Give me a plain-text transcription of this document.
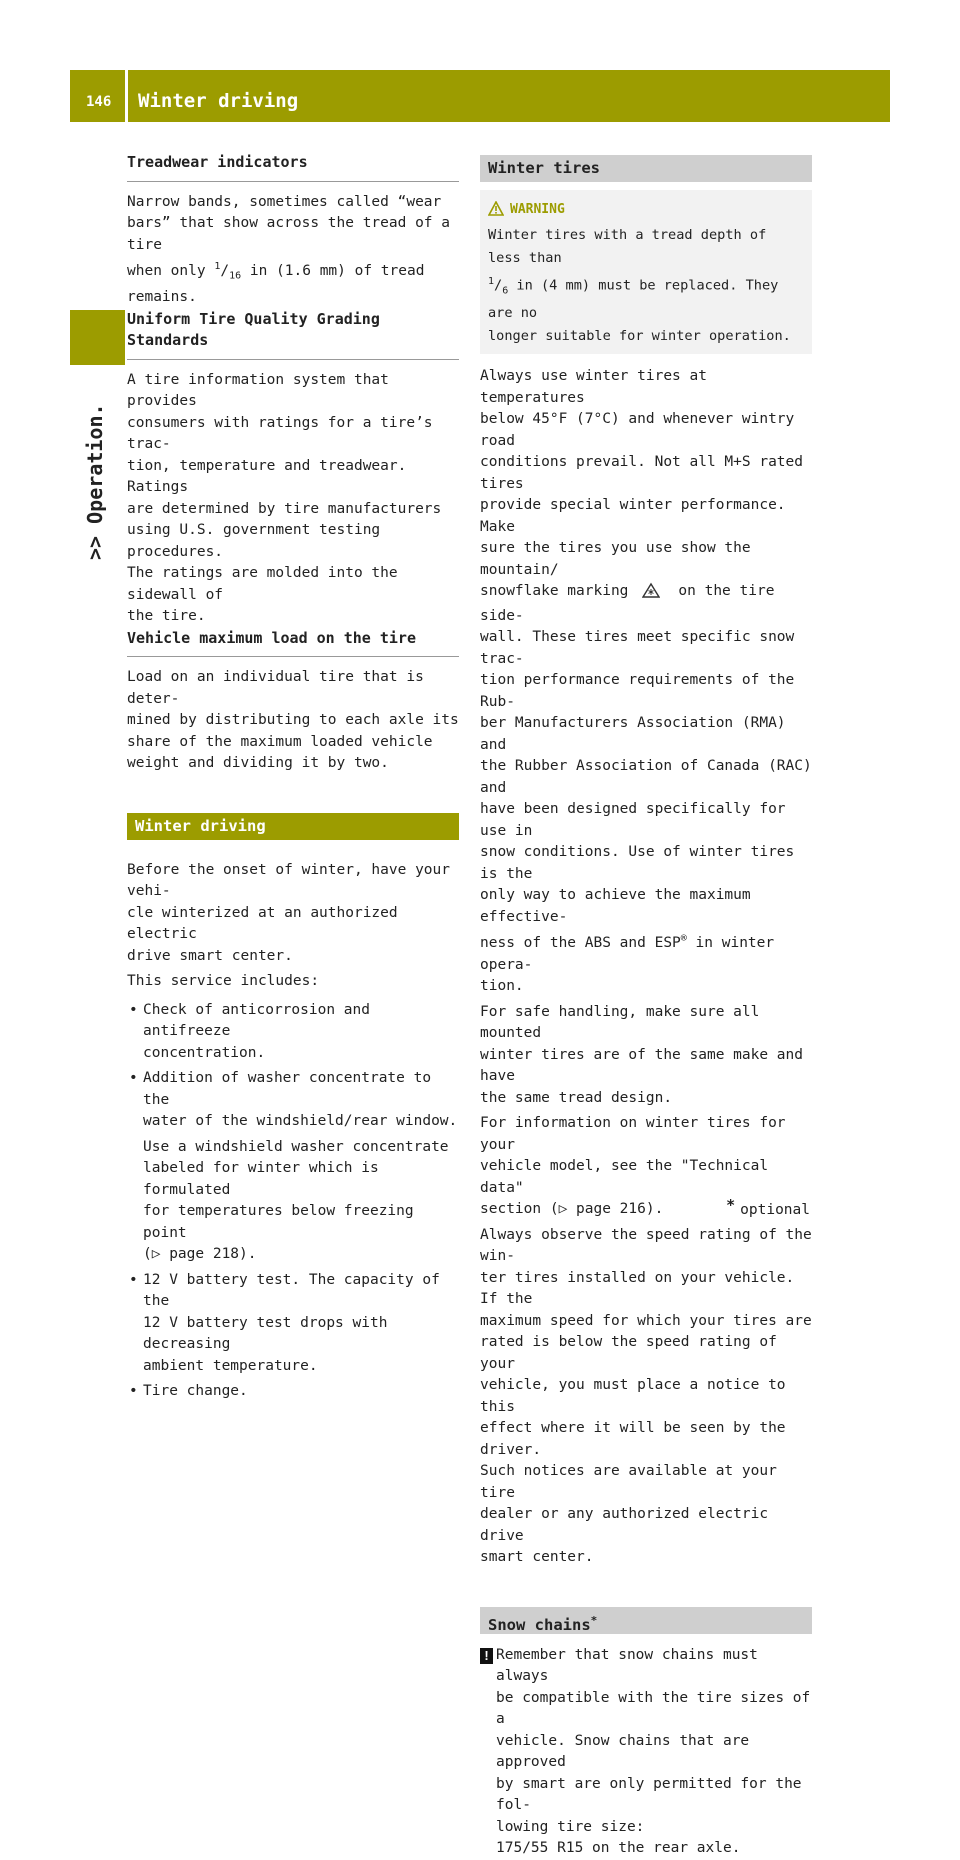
146 Winter driving
>> Operation.
Treadwear indicators
Narrow bands, sometimes called “wear
bars” that show across the tread of a tire
when only $^1/_{16}$ in (1.6 mm) of tread remains.
Uniform Tire Quality Grading Standards
A tire information system that provides
consumers with ratings for a tire’s trac-
tion, temperature and treadwear. Ratings
are determined by tire manufacturers
using U.S. government testing procedures.
The ratings are molded into the sidewall of
the tire.
Vehicle maximum load on the tire
Load on an individual tire that is deter-
mined by distributing to each axle its
share of the maximum loaded vehicle
weight and dividing it by two.
Winter driving
Before the onset of winter, have your vehi-
cle winterized at an authorized electric

drive smart center.

This service includes:
• Check of anticorrosion and antifreeze
concentration.
• Addition of washer concentrate to the
water of the windshield/rear window.
Use a windshield washer concentrate
labeled for winter which is formulated
for temperatures below freezing point
(▷ page 218).
• 12 V battery test. The capacity of the
12 V battery test drops with decreasing
ambient temperature.
• Tire change.
Winter tires
WARNING
Winter tires with a tread depth of less than
$^1/_6$ in (4 mm) must be replaced. They are no
longer suitable for winter operation.
Always use winter tires at temperatures
below 45°F (7°C) and whenever wintry road
conditions prevail. Not all M+S rated tires
provide special winter performance. Make
sure the tires you use show the mountain/
snowflake marking	on the tire side-
wall. These tires meet specific snow trac-
tion performance requirements of the Rub-
ber Manufacturers Association (RMA) and
the Rubber Association of Canada (RAC) and
have been designed specifically for use in
snow conditions. Use of winter tires is the
only way to achieve the maximum effective-
ness of the ABS and ESP® in winter opera-

tion.

For safe handling, make sure all mounted
winter tires are of the same make and have

the same tread design.

For information on winter tires for your
vehicle model, see the "Technical data"

section (▷ page 216).

Always observe the speed rating of the win-
ter tires installed on your vehicle. If the
maximum speed for which your tires are
rated is below the speed rating of your
vehicle, you must place a notice to this
effect where it will be seen by the driver.
Such notices are available at your tire
dealer or any authorized electric drive
smart center.
Snow chains*
! Remember that snow chains must always
be compatible with the tire sizes of a
vehicle. Snow chains that are approved
by smart are only permitted for the fol-
lowing tire size:
175/55 R15 on the rear axle.
* optional
